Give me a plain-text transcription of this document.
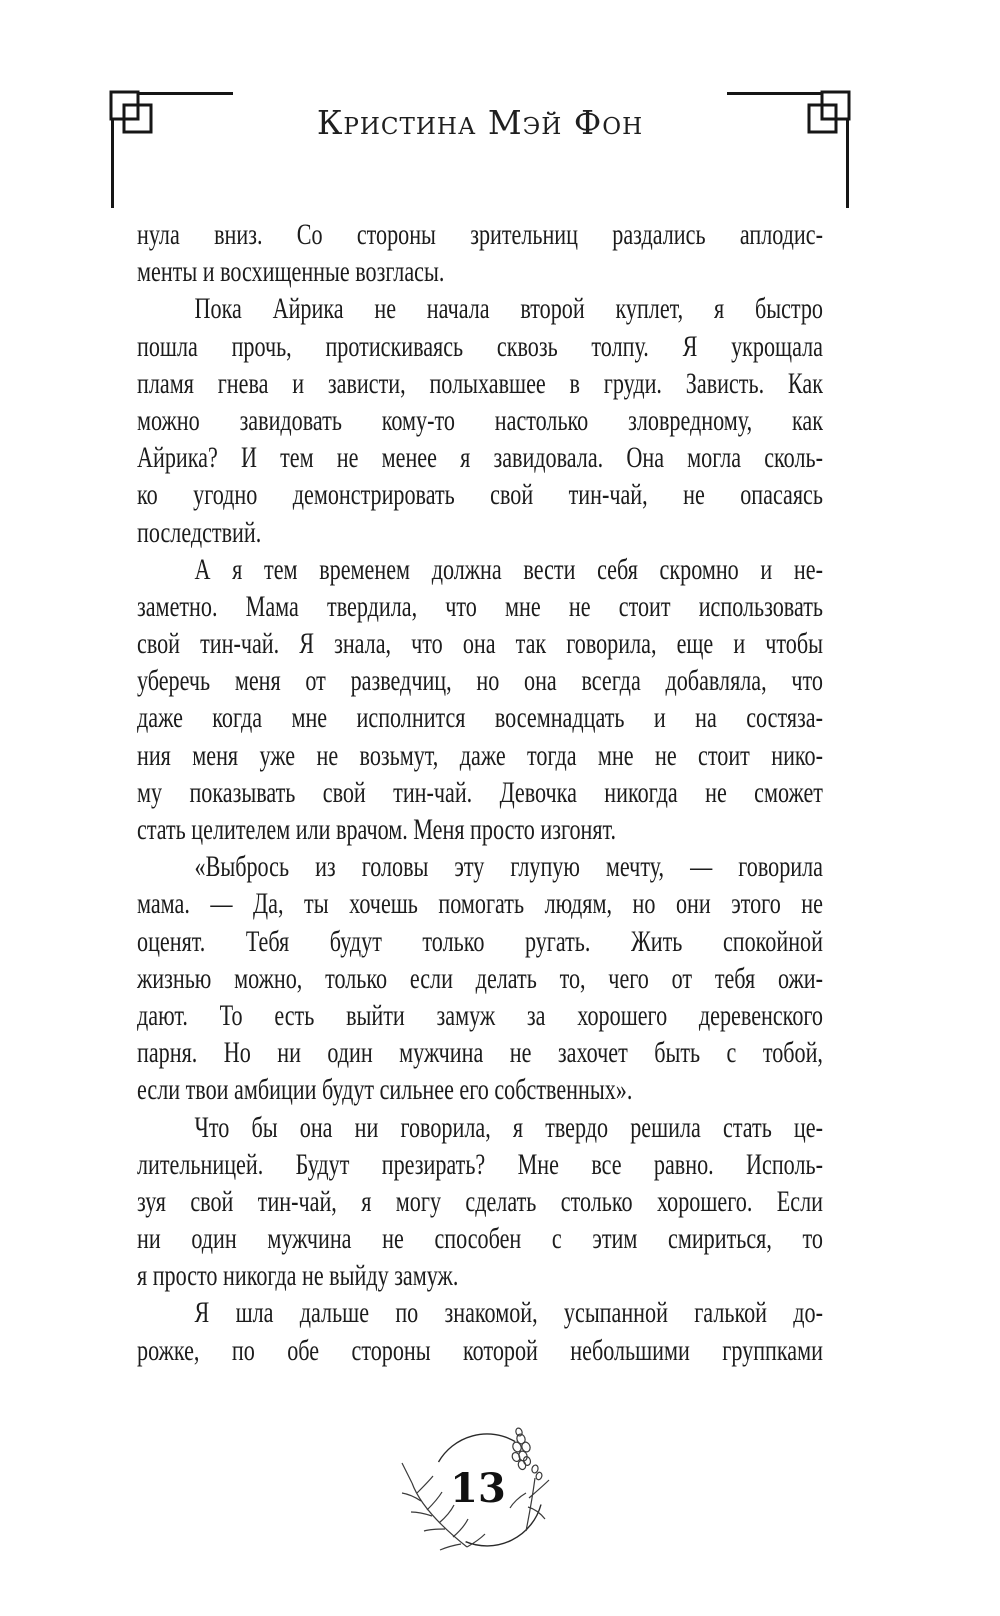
Кристина Мэй Фон
нула вниз. Со стороны зрительниц раздались аплодис-
менты и восхищенные возгласы.
Пока Айрика не начала второй куплет, я быстро
пошла прочь, протискиваясь сквозь толпу. Я укрощала
пламя гнева и зависти, полыхавшее в груди. Зависть. Как
можно завидовать кому-то настолько зловредному, как
Айрика? И тем не менее я завидовала. Она могла сколь-
ко угодно демонстрировать свой тин-чай, не опасаясь
последствий.
А я тем временем должна вести себя скромно и не-
заметно. Мама твердила, что мне не стоит использовать
свой тин-чай. Я знала, что она так говорила, еще и чтобы
уберечь меня от разведчиц, но она всегда добавляла, что
даже когда мне исполнится восемнадцать и на состяза-
ния меня уже не возьмут, даже тогда мне не стоит нико-
му показывать свой тин-чай. Девочка никогда не сможет
стать целителем или врачом. Меня просто изгонят.
«Выбрось из головы эту глупую мечту, — говорила
мама. — Да, ты хочешь помогать людям, но они этого не
оценят. Тебя будут только ругать. Жить спокойной
жизнью можно, только если делать то, чего от тебя ожи-
дают. То есть выйти замуж за хорошего деревенского
парня. Но ни один мужчина не захочет быть с тобой,
если твои амбиции будут сильнее его собственных».
Что бы она ни говорила, я твердо решила стать це-
лительницей. Будут презирать? Мне все равно. Исполь-
зуя свой тин-чай, я могу сделать столько хорошего. Если
ни один мужчина не способен с этим смириться, то
я просто никогда не выйду замуж.
Я шла дальше по знакомой, усыпанной галькой до-
рожке, по обе стороны которой небольшими группками
13
